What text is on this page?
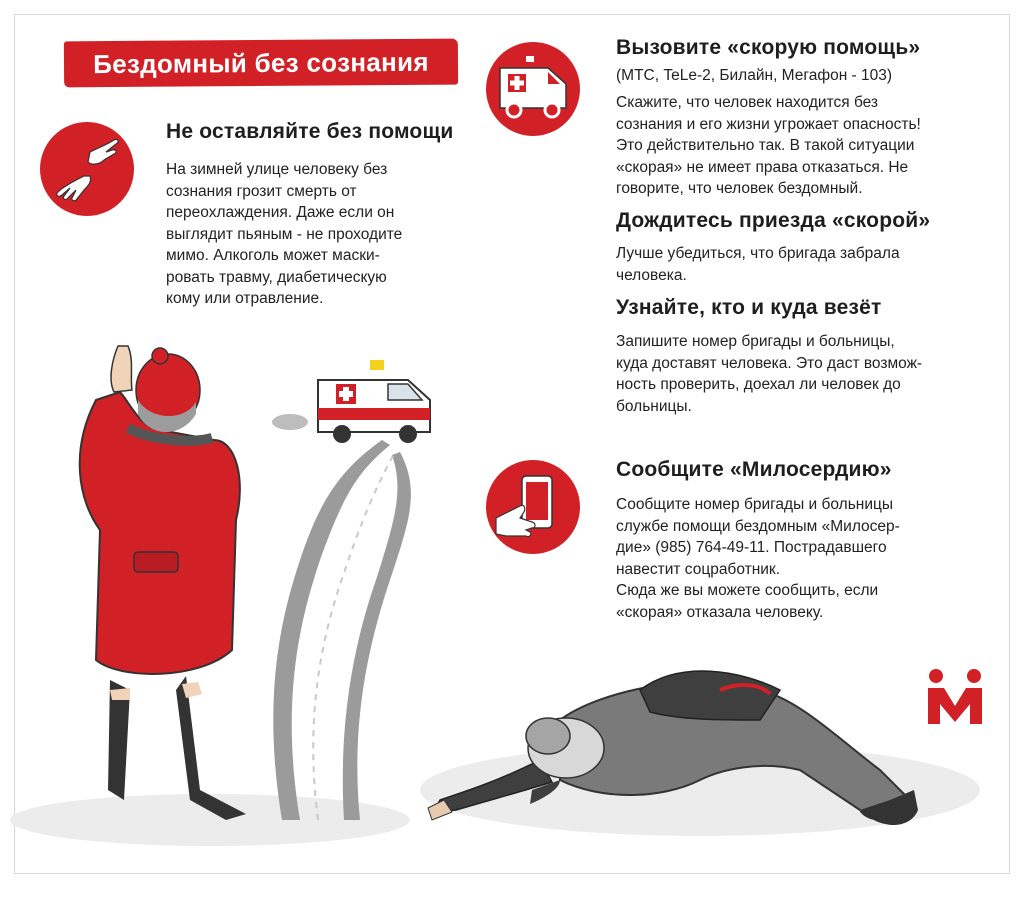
Бездомный без сознания
Не оставляйте без помощи

На зимней улице человеку без
сознания грозит смерть от
переохлаждения. Даже если он
выглядит пьяным - не проходите
мимо. Алкоголь может маски-
ровать травму, диабетическую
кому или отравление.

Вызовите «скорую помощь»

(МТС, TeLe-2, Билайн, Мегафон - 103)

Скажите, что человек находится без
сознания и его жизни угрожает опасность!
Это действительно так. В такой ситуации
«скорая» не имеет права отказаться. Не
говорите, что человек бездомный.

Дождитесь приезда «скорой»

Лучше убедиться, что бригада забрала
человека.

Узнайте, кто и куда везёт

Запишите номер бригады и больницы,
куда доставят человека. Это даст возмож-
ность проверить, доехал ли человек до
больницы.

Сообщите «Милосердию»

Сообщите номер бригады и больницы
службе помощи бездомным «Милосер-
дие» (985) 764-49-11. Пострадавшего
навестит соцработник.
Сюда же вы можете сообщить, если
«скорая» отказала человеку.
